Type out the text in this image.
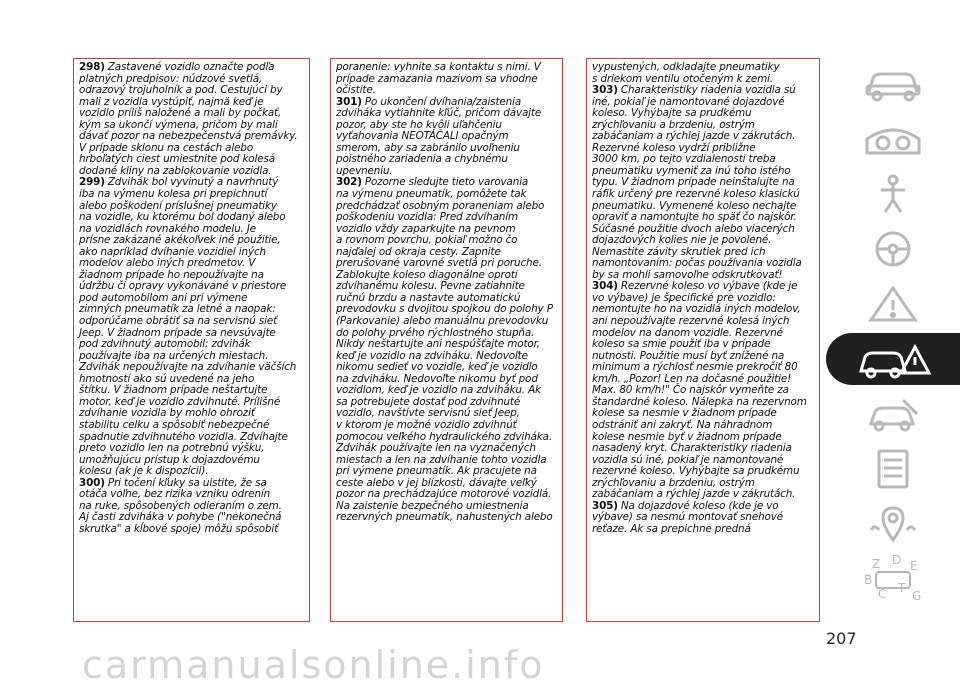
298) Zastavené vozidlo označte podľa
platných predpisov: núdzové svetlá,
odrazový trojuholník a pod. Cestujúci by
mali z vozidla vystúpiť, najmä keď je
vozidlo príliš naložené a mali by počkať,
kým sa ukončí výmena, pričom by mali
dávať pozor na nebezpečenstvá premávky.
V prípade sklonu na cestách alebo
hrboľatých ciest umiestnite pod kolesá
dodané kliny na zablokovanie vozidla.
299) Zdvihák bol vyvinutý a navrhnutý
iba na výmenu kolesa pri prepichnutí
alebo poškodení príslušnej pneumatiky
na vozidle, ku ktorému bol dodaný alebo
na vozidlách rovnakého modelu. Je
prísne zakázané akékoľvek iné použitie,
ako napríklad dvíhanie vozidiel iných
modelov alebo iných predmetov. V
žiadnom prípade ho nepoužívajte na
údržbu či opravy vykonávané v priestore
pod automobilom ani pri výmene
zimných pneumatík za letné a naopak:
odporúčame obrátiť sa na servisnú sieť
Jeep. V žiadnom prípade sa nevsúvajte
pod zdvihnutý automobil: zdvihák
používajte iba na určených miestach.
Zdvihák nepoužívajte na zdvíhanie väčších
hmotností ako sú uvedené na jeho
štítku. V žiadnom prípade neštartujte
motor, keď je vozidlo zdvihnuté. Prílišné
zdvíhanie vozidla by mohlo ohroziť
stabilitu celku a spôsobiť nebezpečné
spadnutie zdvihnutého vozidla. Zdvíhajte
preto vozidlo len na potrebnú výšku,
umožňujúcu prístup k dojazdovému
kolesu (ak je k dispozícii).
300) Pri točení kľuky sa uistite, že sa
otáča voľne, bez rizika vzniku odrenín
na ruke, spôsobených odieraním o zem.
Aj časti zdviháka v pohybe ("nekonečná
skrutka" a kĺbové spoje) môžu spôsobiť
poranenie: vyhnite sa kontaktu s nimi. V
prípade zamazania mazivom sa vhodne
očistite.
301) Po ukončení dvíhania/zaistenia
zdviháka vytiahnite kľúč, pričom dávajte
pozor, aby ste ho kvôli uľahčeniu
vyťahovania NEOTÁČALI opačným
smerom, aby sa zabránilo uvoľneniu
poistného zariadenia a chybnému
upevneniu.
302) Pozorne sledujte tieto varovania
na výmenu pneumatík, pomôžete tak
predchádzať osobným poraneniam alebo
poškodeniu vozidla: Pred zdvíhaním
vozidlo vždy zaparkujte na pevnom
a rovnom povrchu, pokiaľ možno čo
najďalej od okraja cesty. Zapnite
prerušované varovné svetlá pri poruche.
Zablokujte koleso diagonálne oproti
zdvíhanému kolesu. Pevne zatiahnite
ručnú brzdu a nastavte automatickú
prevodovku s dvojitou spojkou do polohy P
(Parkovanie) alebo manuálnu prevodovku
do polohy prvého rýchlostného stupňa.
Nikdy neštartujte ani nespúšťajte motor,
keď je vozidlo na zdviháku. Nedovoľte
nikomu sedieť vo vozidle, keď je vozidlo
na zdviháku. Nedovoľte nikomu byť pod
vozidlom, keď je vozidlo na zdviháku. Ak
sa potrebujete dostať pod zdvihnuté
vozidlo, navštívte servisnú sieť Jeep,
v ktorom je možné vozidlo zdvihnúť
pomocou veľkého hydraulického zdviháka.
Zdvihák používajte len na vyznačených
miestach a len na zdvíhanie tohto vozidla
pri výmene pneumatík. Ak pracujete na
ceste alebo v jej blízkosti, dávajte veľký
pozor na prechádzajúce motorové vozidlá.
Na zaistenie bezpečného umiestnenia
rezervných pneumatík, nahustených alebo
vypustených, odkladajte pneumatiky
s driekom ventilu otočeným k zemi.
303) Charakteristiky riadenia vozidla sú
iné, pokiaľ je namontované dojazdové
koleso. Vyhýbajte sa prudkému
zrýchľovaniu a brzdeniu, ostrým
zabáčaniam a rýchlej jazde v zákrutách.
Rezervné koleso vydrží približne
3000 km, po tejto vzdialenosti treba
pneumatiku vymeniť za inú toho istého
typu. V žiadnom prípade neinštalujte na
ráfik určený pre rezervné koleso klasickú
pneumatiku. Vymenené koleso nechajte
opraviť a namontujte ho späť čo najskôr.
Súčasné použitie dvoch alebo viacerých
dojazdových kolies nie je povolené.
Nemastite závity skrutiek pred ich
namontovaním: počas používania vozidla
by sa mohli samovoľne odskrutkovať!
304) Rezervné koleso vo výbave (kde je
vo výbave) je špecifické pre vozidlo:
nemontujte ho na vozidlá iných modelov,
ani nepoužívajte rezervné kolesá iných
modelov na danom vozidle. Rezervné
koleso sa smie použiť iba v prípade
nutnosti. Použitie musí byť znížené na
minimum a rýchlosť nesmie prekročiť 80
km/h. „Pozor! Len na dočasné použitie!
Max. 80 km/h!" Čo najskôr vymeňte za
štandardné koleso. Nálepka na rezervnom
kolese sa nesmie v žiadnom prípade
odstrániť ani zakryť. Na náhradnom
kolese nesmie byť v žiadnom prípade
nasadený kryt. Charakteristiky riadenia
vozidla sú iné, pokiaľ je namontované
rezervné koleso. Vyhýbajte sa prudkému
zrýchľovaniu a brzdeniu, ostrým
zabáčaniam a rýchlej jazde v zákrutách.
305) Na dojazdové koleso (kde je vo
výbave) sa nesmú montovať snehové
reťaze. Ak sa prepichne predná
Z D E
B
C T
G
207
carmanualsonline.info
